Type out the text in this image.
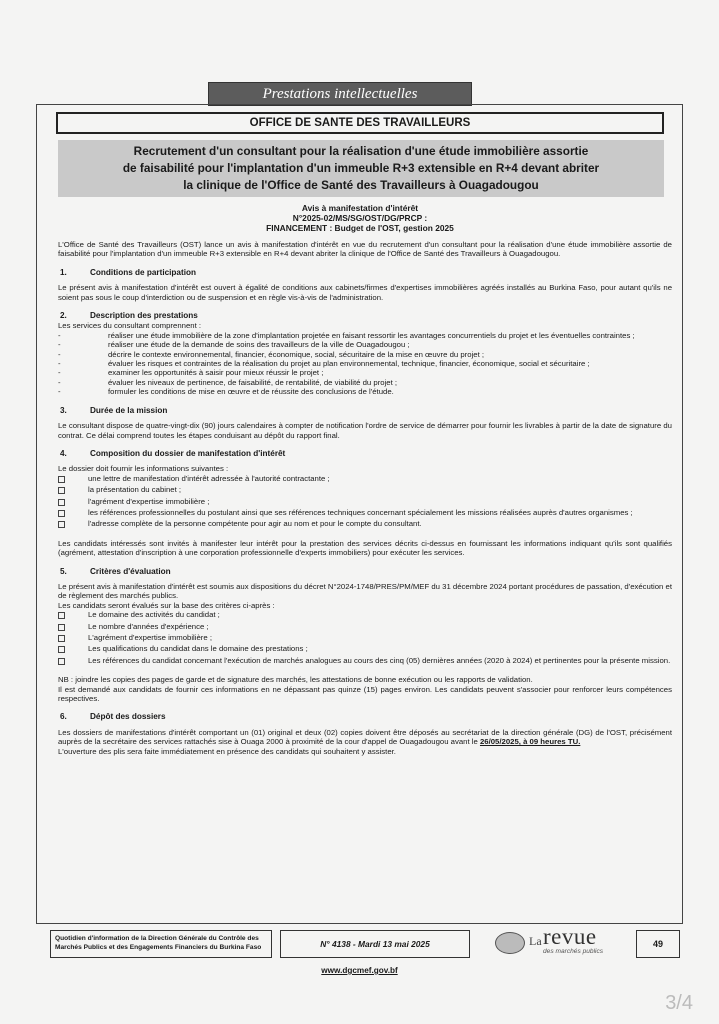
Prestations intellectuelles
OFFICE DE SANTE DES TRAVAILLEURS
Recrutement d'un consultant pour la réalisation d'une étude immobilière assortie
de faisabilité pour l'implantation d'un immeuble R+3 extensible en R+4 devant abriter
la clinique de l'Office de Santé des Travailleurs à Ouagadougou
Avis à manifestation d'intérêt
N°2025-02/MS/SG/OST/DG/PRCP :
FINANCEMENT : Budget de l'OST, gestion 2025

L'Office de Santé des Travailleurs (OST) lance un avis à manifestation d'intérêt en vue du recrutement d'un consultant pour la réalisation d'une étude immobilière assortie de faisabilité pour l'implantation d'un immeuble R+3 extensible en R+4 devant abriter la clinique de l'Office de Santé des Travailleurs à Ouagadougou.

1.	Conditions de participation

Le présent avis à manifestation d'intérêt est ouvert à égalité de conditions aux cabinets/firmes d'expertises immobilières agréés installés au Burkina Faso, pour autant qu'ils ne soient pas sous le coup d'interdiction ou de suspension et en règle vis-à-vis de l'administration.

2.	Description des prestations

Les services du consultant comprennent :

-	réaliser une étude immobilière de la zone d'implantation projetée en faisant ressortir les avantages concurrentiels du projet et les éventuelles contraintes ;
-	réaliser une étude de la demande de soins des travailleurs de la ville de Ouagadougou ;
-	décrire le contexte environnemental, financier, économique, social, sécuritaire de la mise en œuvre du projet ;
-	évaluer les risques et contraintes de la réalisation du projet au plan environnemental, technique, financier, économique, social et sécuritaire ;
-	examiner les opportunités à saisir pour mieux réussir le projet ;
-	évaluer les niveaux de pertinence, de faisabilité, de rentabilité, de viabilité du projet ;
-	formuler les conditions de mise en œuvre et de réussite des conclusions de l'étude.
3.	Durée de la mission

Le consultant dispose de quatre-vingt-dix (90) jours calendaires à compter de notification l'ordre de service de démarrer pour fournir les livrables à partir de la date de signature du contrat. Ce délai comprend toutes les étapes conduisant au dépôt du rapport final.

4.	Composition du dossier de manifestation d'intérêt

Le dossier doit fournir les informations suivantes :

une lettre de manifestation d'intérêt adressée à l'autorité contractante ;
la présentation du cabinet ;
l'agrément d'expertise immobilière ;
les références professionnelles du postulant ainsi que ses références techniques concernant spécialement les missions réalisées auprès d'autres organismes ;
l'adresse complète de la personne compétente pour agir au nom et pour le compte du consultant.

Les candidats intéressés sont invités à manifester leur intérêt pour la prestation des services décrits ci-dessus en fournissant les informations indiquant qu'ils sont qualifiés (agrément, attestation d'inscription à une corporation professionnelle d'experts immobiliers) pour exécuter les services.

5.	Critères d'évaluation

Le présent avis à manifestation d'intérêt est soumis aux dispositions du décret N°2024-1748/PRES/PM/MEF du 31 décembre 2024 portant procédures de passation, d'exécution et de règlement des marchés publics.

Les candidats seront évalués sur la base des critères ci-après :

Le domaine des activités du candidat ;
Le nombre d'années d'expérience ;
L'agrément d'expertise immobilière ;
Les qualifications du candidat dans le domaine des prestations ;
Les références du candidat concernant l'exécution de marchés analogues au cours des cinq (05) dernières années (2020 à 2024) et pertinentes pour la présente mission.

NB : joindre les copies des pages de garde et de signature des marchés, les attestations de bonne exécution ou les rapports de validation.

Il est demandé aux candidats de fournir ces informations en ne dépassant pas quinze (15) pages environ. Les candidats peuvent s'associer pour renforcer leurs compétences respectives.

6.	Dépôt des dossiers

Les dossiers de manifestations d'intérêt comportant un (01) original et deux (02) copies doivent être déposés au secrétariat de la direction générale (DG) de l'OST, précisément auprès de la secrétaire des services rattachés sise à Ouaga 2000 à proximité de la cour d'appel de Ouagadougou avant le 26/05/2025, à 09 heures TU.

L'ouverture des plis sera faite immédiatement en présence des candidats qui souhaitent y assister.

Quotidien d'information de la Direction Générale du Contrôle des Marchés Publics et des Engagements Financiers du Burkina Faso	N° 4138 - Mardi 13 mai 2025	La revue
des marchés publics
49
www.dgcmef.gov.bf
3/4
